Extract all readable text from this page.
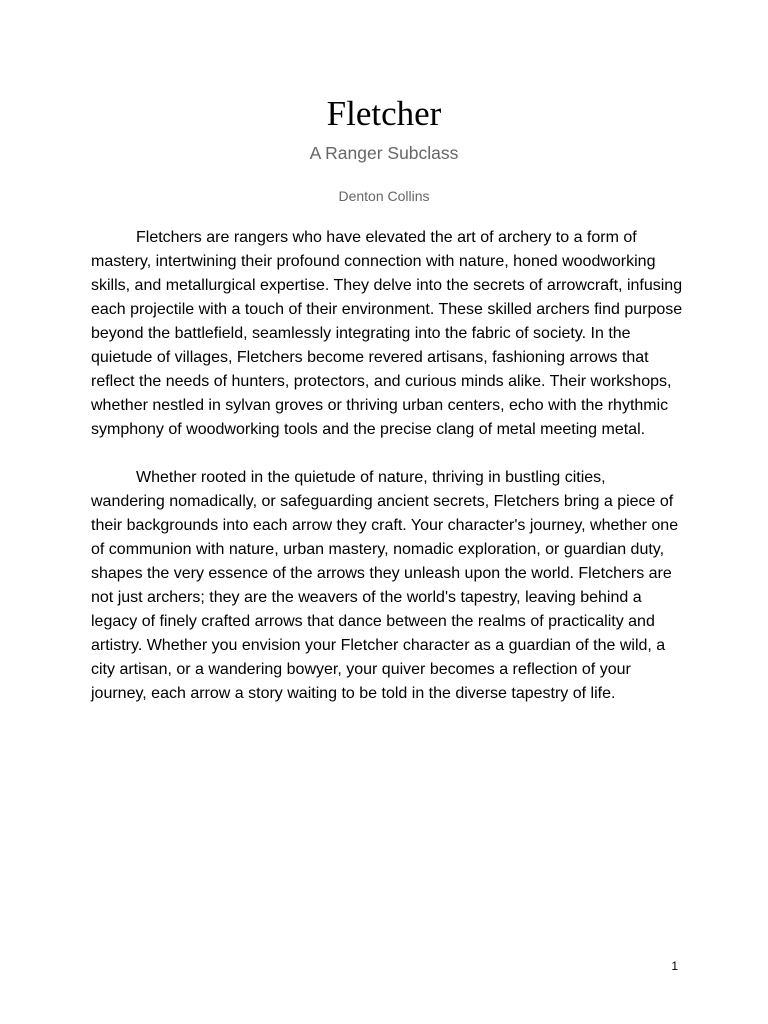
Fletcher
A Ranger Subclass
Denton Collins

Fletchers are rangers who have elevated the art of archery to a form of mastery, intertwining their profound connection with nature, honed woodworking skills, and metallurgical expertise. They delve into the secrets of arrowcraft, infusing each projectile with a touch of their environment. These skilled archers find purpose beyond the battlefield, seamlessly integrating into the fabric of society. In the quietude of villages, Fletchers become revered artisans, fashioning arrows that reflect the needs of hunters, protectors, and curious minds alike. Their workshops, whether nestled in sylvan groves or thriving urban centers, echo with the rhythmic symphony of woodworking tools and the precise clang of metal meeting metal.

Whether rooted in the quietude of nature, thriving in bustling cities, wandering nomadically, or safeguarding ancient secrets, Fletchers bring a piece of their backgrounds into each arrow they craft. Your character's journey, whether one of communion with nature, urban mastery, nomadic exploration, or guardian duty, shapes the very essence of the arrows they unleash upon the world. Fletchers are not just archers; they are the weavers of the world's tapestry, leaving behind a legacy of finely crafted arrows that dance between the realms of practicality and artistry. Whether you envision your Fletcher character as a guardian of the wild, a city artisan, or a wandering bowyer, your quiver becomes a reflection of your journey, each arrow a story waiting to be told in the diverse tapestry of life.

1
